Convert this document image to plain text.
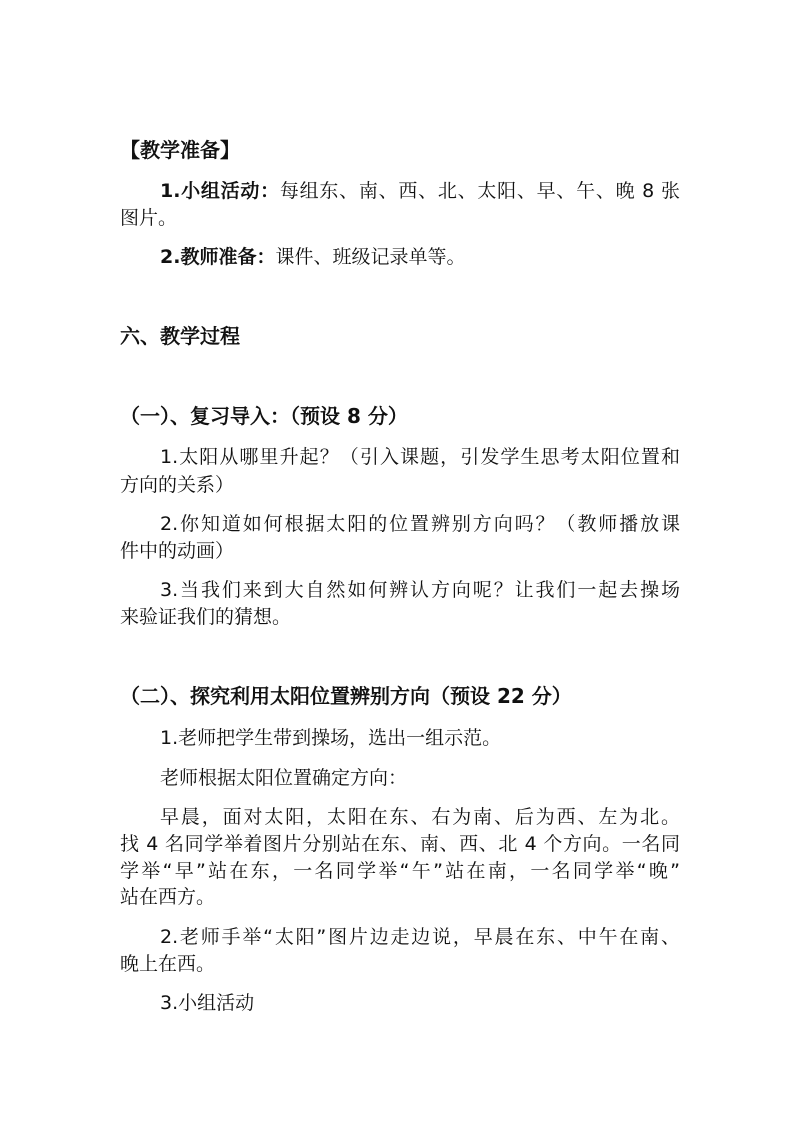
【教学准备】
1.小组活动：每组东、南、西、北、太阳、早、午、晚 8 张
图片。
2.教师准备：课件、班级记录单等。
六、教学过程
（一）、复习导入：（预设 8 分）
1.太阳从哪里升起？（引入课题，引发学生思考太阳位置和
方向的关系）
2.你知道如何根据太阳的位置辨别方向吗？（教师播放课
件中的动画）
3.当我们来到大自然如何辨认方向呢？让我们一起去操场
来验证我们的猜想。
（二）、探究利用太阳位置辨别方向（预设 22 分）
1.老师把学生带到操场，选出一组示范。
老师根据太阳位置确定方向：
早晨，面对太阳，太阳在东、右为南、后为西、左为北。
找 4 名同学举着图片分别站在东、南、西、北 4 个方向。一名同
学举“早”站在东，一名同学举“午”站在南，一名同学举“晚”
站在西方。
2.老师手举“太阳”图片边走边说，早晨在东、中午在南、
晚上在西。
3.小组活动
